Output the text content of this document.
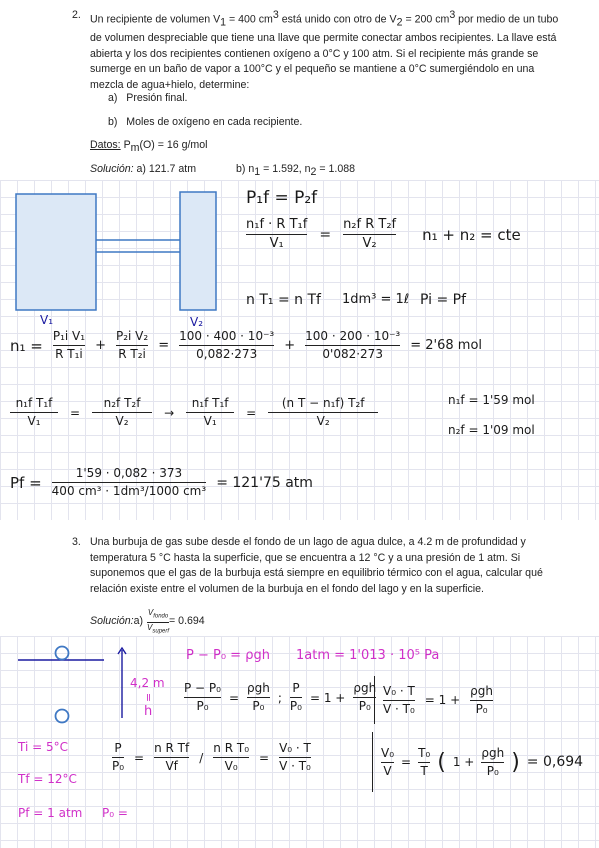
2. Un recipiente de volumen $V_1 = 400$ $cm^3$ está unido con otro de $V_2 = 200$ $cm^3$ por medio de un tubo de volumen despreciable que tiene una llave que permite conectar ambos recipientes. La llave está abierta y los dos recipientes contienen oxígeno a 0°C y 100 atm. Si el recipiente más grande se sumerge en un baño de vapor a 100°C y el pequeño se mantiene a 0°C sumergiéndolo en una mezcla de agua+hielo, determine:
a)   Presión final.
b)   Moles de oxígeno en cada recipiente.
Datos: $P_m(O) = 16$ g/mol
Solución: a) 121.7 atm	b) $n_1 = 1.592$, $n_2 = 1.088$
V₁	V₂
P₁f = P₂f
$\frac{\text{n₁f · R T₁f}}{\text{V₁}} = \frac{\text{n₂f R T₂f}}{\text{V₂}} n_1 + n_2$ = cte
n T₁ = n Tf 1dm³ = 1ℓ Pi = Pf
$n_1 = \frac{\text{P₁i V₁}}{\text{R T₁i}} + \frac{\text{P₂i V₂}}{\text{R T₂i}} = \frac{\text{100 · 400 · 10⁻³}}{0,082\cdot 273} + \frac{\text{100 · 200 · 10⁻³}}{0'082\cdot 273} = 2'68$ mol
$\frac{\text{n₁f T₁f}}{\text{V₁}} = \frac{\text{n₂f T₂f}}{\text{V₂}} \to \frac{\text{n₁f T₁f}}{\text{V₁}} = \frac{\text{(n T − n₁f) T₂f}}{\text{V₂}}$	n₁f = 1'59 mol
n₂f = 1'09 mol
$Pf = \frac{1'59 \cdot 0,082 \cdot 373}{\text{400 cm³ · 1dm³/1000 cm³}} = 121'75$ atm
3. Una burbuja de gas sube desde el fondo de un lago de agua dulce, a 4.2 m de profundidad y temperatura 5 °C hasta la superficie, que se encuentra a 12 °C y a una presión de 1 atm. Si suponemos que el gas de la burbuja está siempre en equilibrio térmico con el agua, calcular qué relación existe entre el volumen de la burbuja en el fondo del lago y en la superficie.
Solución: $a) \frac{V_{fondo}}{V_{superf}} = 0.694$
P − P₀ = ρgh 1atm = 1'013 · 10⁵ Pa
4,2 m
=
h	$\frac{\text{P − P₀}}{\text{P₀}} = \frac{\text{ρgh}}{\text{P₀}}$ ; $\frac{P}{\text{P₀}} = 1 + \frac{\text{ρgh}}{\text{P₀}} \frac{\text{V₀ · T}}{\text{V · T₀}} = 1 + \frac{\text{ρgh}}{\text{P₀}}$
Ti = 5°C
Tf = 12°C
Pf = 1 atm P₀ =
$\frac{P}{\text{P₀}} = \frac{\text{n R Tf}}{Vf} / \frac{\text{n R T₀}}{\text{V₀}} = \frac{\text{V₀ · T}}{\text{V · T₀}}$	$\frac{\text{V₀}}{V} = \frac{\text{T₀}}{T}$ ( $1 + \frac{\text{ρgh}}{\text{P₀}}$ ) = 0,694
